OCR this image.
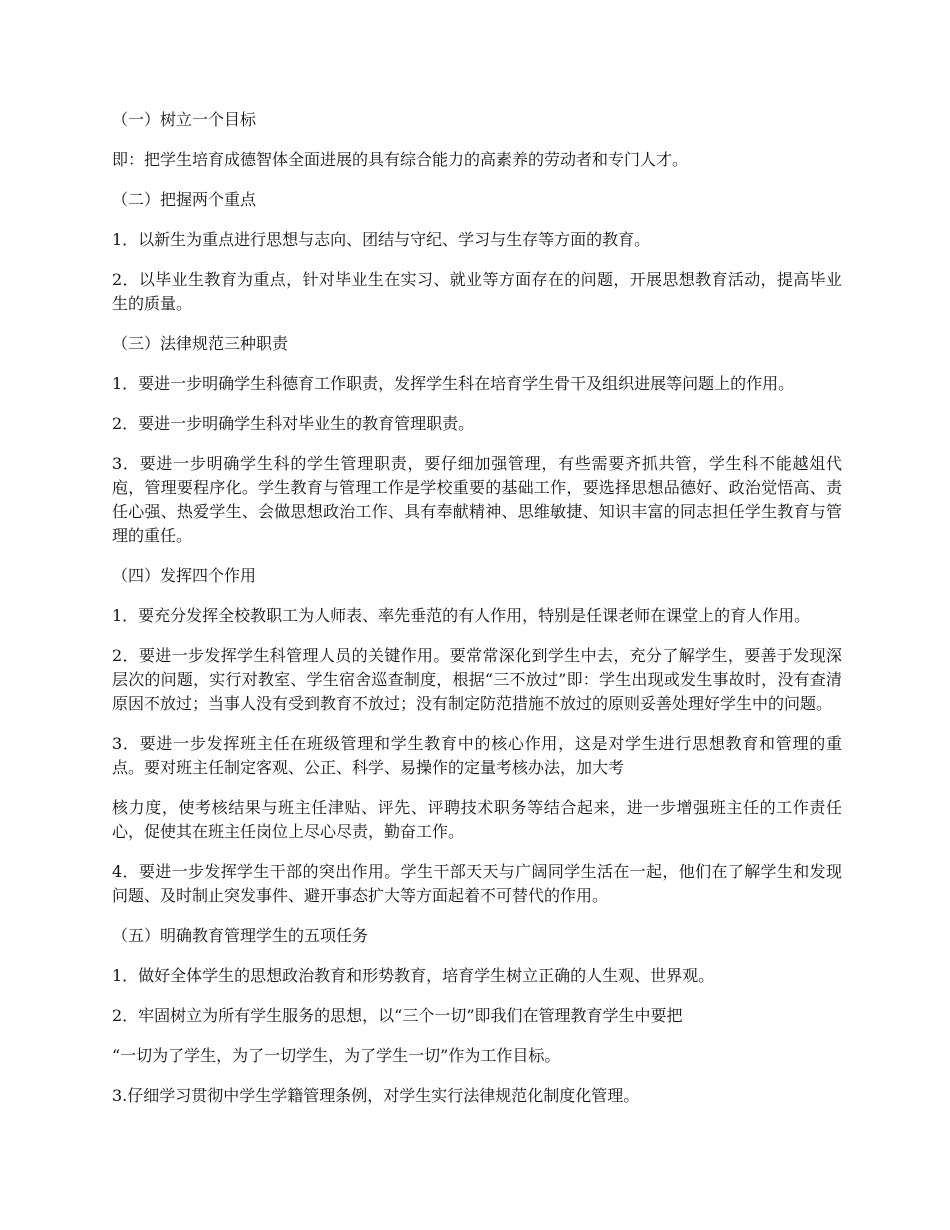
（一）树立一个目标

即：把学生培育成德智体全面进展的具有综合能力的高素养的劳动者和专门人才。

（二）把握两个重点

1．以新生为重点进行思想与志向、团结与守纪、学习与生存等方面的教育。

2．以毕业生教育为重点，针对毕业生在实习、就业等方面存在的问题，开展思想教育活动，提高毕业生的质量。

（三）法律规范三种职责

1．要进一步明确学生科德育工作职责，发挥学生科在培育学生骨干及组织进展等问题上的作用。

2．要进一步明确学生科对毕业生的教育管理职责。

3．要进一步明确学生科的学生管理职责，要仔细加强管理，有些需要齐抓共管，学生科不能越俎代庖，管理要程序化。学生教育与管理工作是学校重要的基础工作，要选择思想品德好、政治觉悟高、责任心强、热爱学生、会做思想政治工作、具有奉献精神、思维敏捷、知识丰富的同志担任学生教育与管理的重任。

（四）发挥四个作用

1．要充分发挥全校教职工为人师表、率先垂范的有人作用，特别是任课老师在课堂上的育人作用。

2．要进一步发挥学生科管理人员的关键作用。要常常深化到学生中去，充分了解学生，要善于发现深层次的问题，实行对教室、学生宿舍巡查制度，根据“三不放过”即：学生出现或发生事故时，没有查清原因不放过；当事人没有受到教育不放过；没有制定防范措施不放过的原则妥善处理好学生中的问题。

3．要进一步发挥班主任在班级管理和学生教育中的核心作用，这是对学生进行思想教育和管理的重点。要对班主任制定客观、公正、科学、易操作的定量考核办法，加大考

核力度，使考核结果与班主任津贴、评先、评聘技术职务等结合起来，进一步增强班主任的工作责任心，促使其在班主任岗位上尽心尽责，勤奋工作。

4．要进一步发挥学生干部的突出作用。学生干部天天与广阔同学生活在一起，他们在了解学生和发现问题、及时制止突发事件、避开事态扩大等方面起着不可替代的作用。

（五）明确教育管理学生的五项任务

1．做好全体学生的思想政治教育和形势教育，培育学生树立正确的人生观、世界观。

2．牢固树立为所有学生服务的思想，以“三个一切”即我们在管理教育学生中要把

“一切为了学生，为了一切学生，为了学生一切”作为工作目标。

3.仔细学习贯彻中学生学籍管理条例，对学生实行法律规范化制度化管理。
